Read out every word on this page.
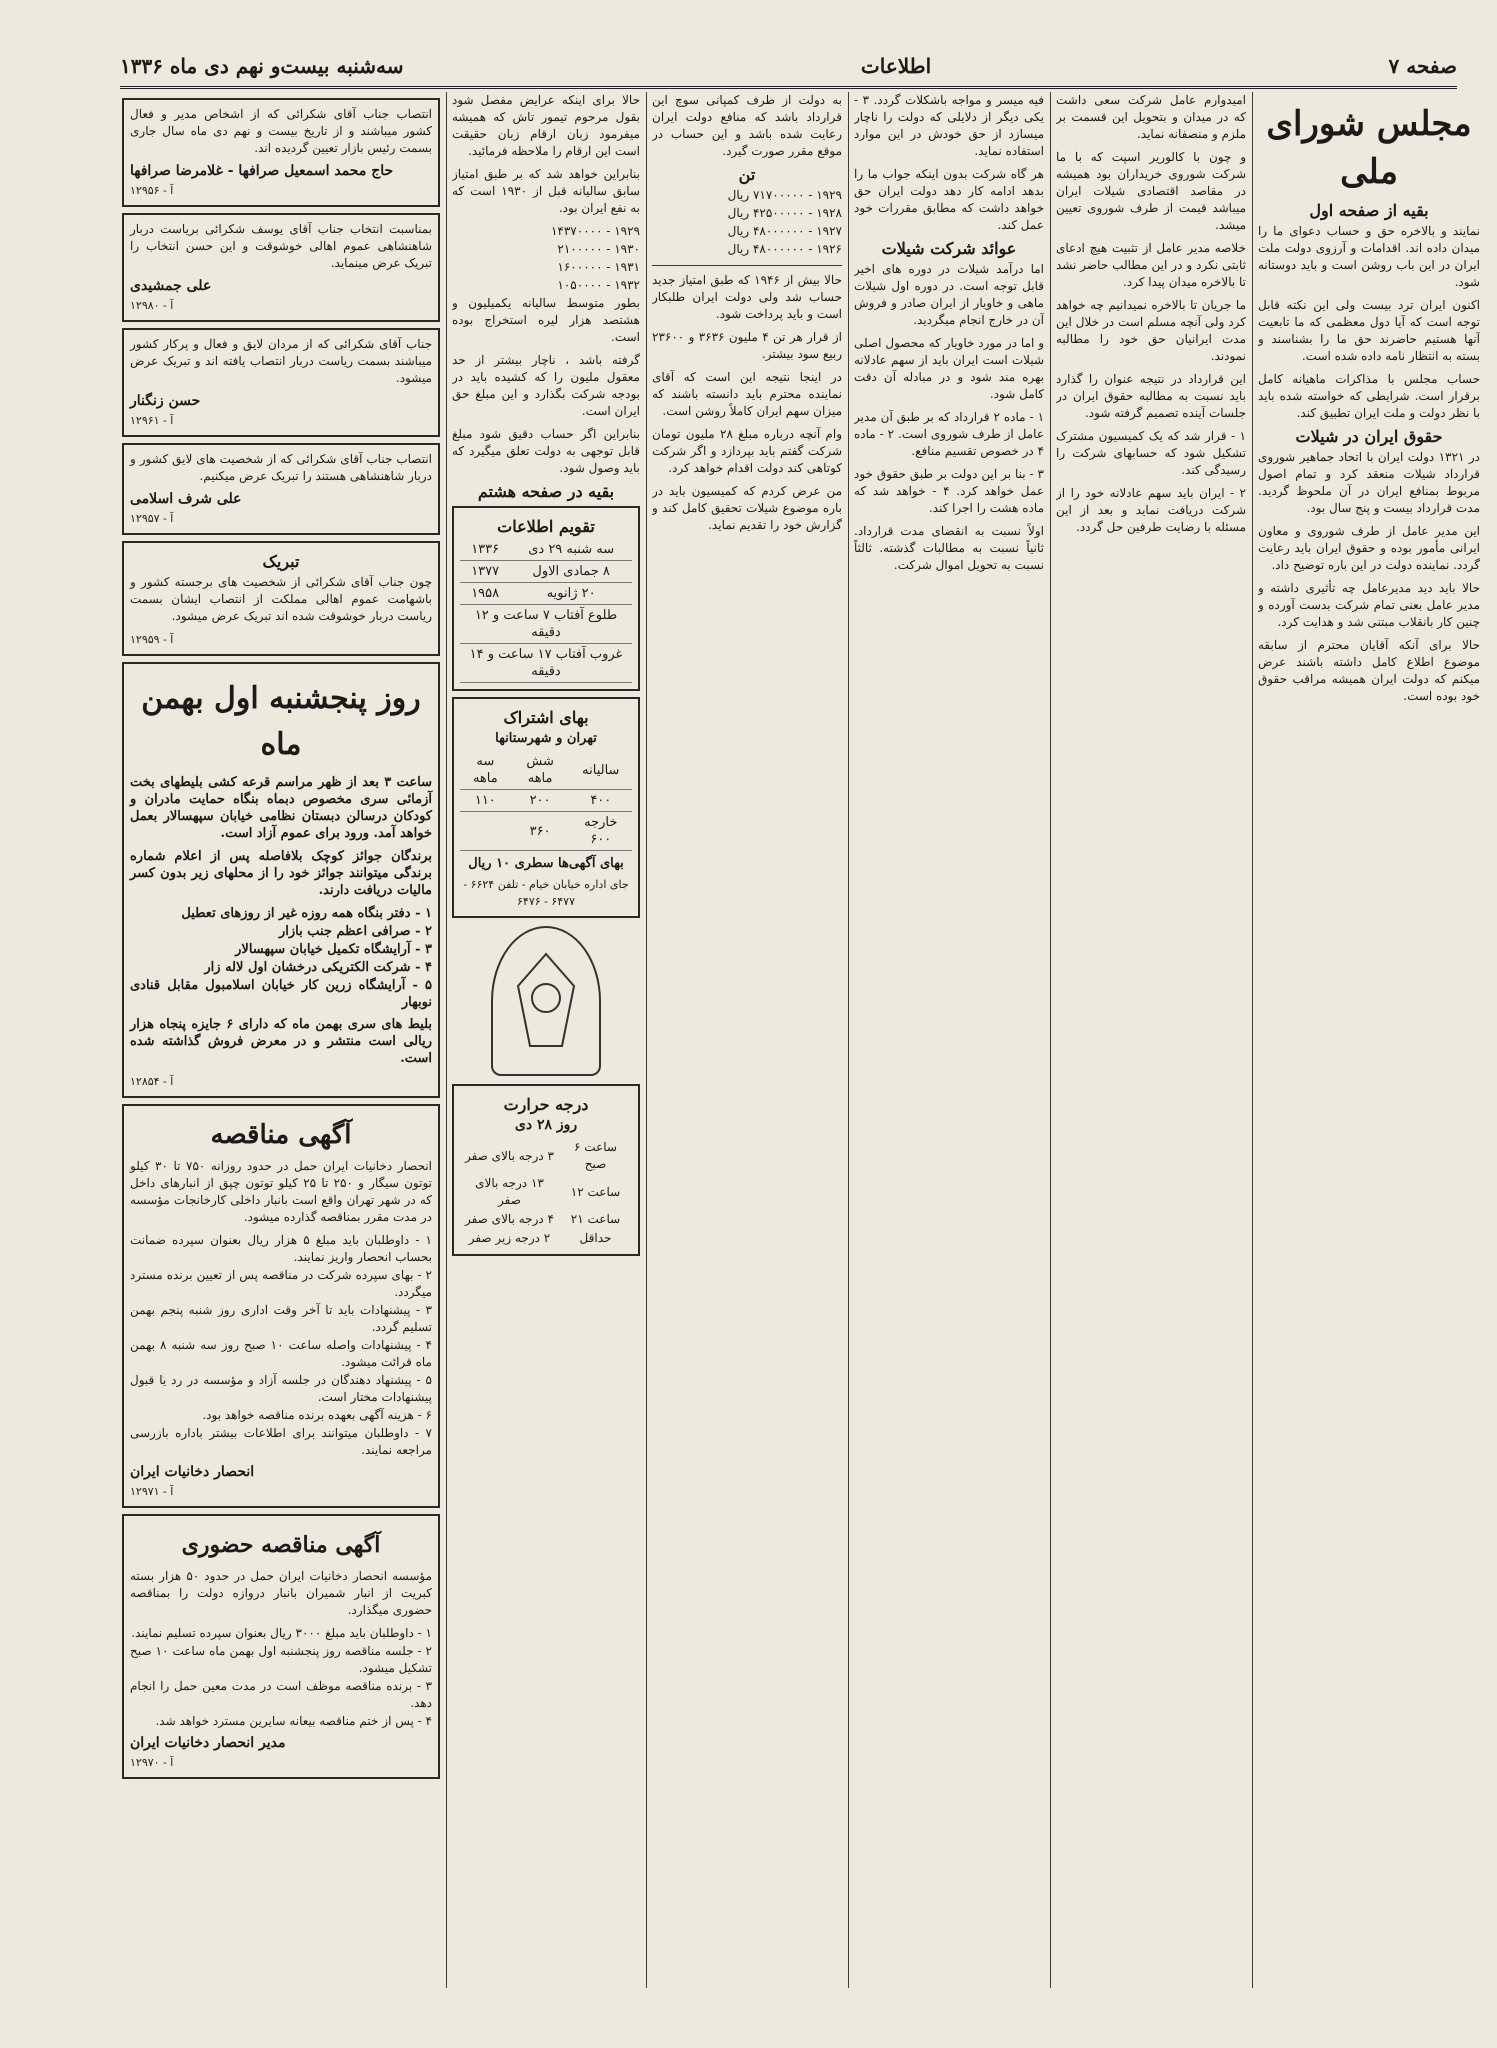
صفحه ۷
اطلاعات
سه‌شنبه بیست‌و نهم دی ماه ۱۳۳۶
مجلس شورای ملی
بقیه از صفحه اول

نمایند و بالاخره حق و حساب دعوای ما را میدان داده اند. اقدامات و آرزوی دولت ملت ایران در این باب روشن است و باید دوستانه شود.

اکنون ایران ترد بیست ولی این نکته قابل توجه است که آیا دول معظمی که ما تابعیت آنها هستیم حاضرند حق ما را بشناسند و بسته به انتظار نامه داده شده است.

حساب مجلس با مذاکرات ماهیانه کامل برقرار است. شرایطی که خواسته شده باید با نظر دولت و ملت ایران تطبیق کند.

حقوق ایران در شیلات

در ۱۳۲۱ دولت ایران با اتحاد جماهیر شوروی قرارداد شیلات منعقد کرد و تمام اصول مربوط بمنافع ایران در آن ملحوظ گردید. مدت قرارداد بیست و پنج سال بود.

این مدیر عامل از طرف شوروی و معاون ایرانی مأمور بوده و حقوق ایران باید رعایت گردد. نماینده دولت در این باره توضیح داد.

حالا باید دید مدیرعامل چه تأثیری داشته و مدیر عامل بعنی تمام شرکت بدست آورده و چنین کار بانقلاب مبتنی شد و هدایت کرد.

حالا برای آنکه آقایان محترم از سابقه موضوع اطلاع کامل داشته باشند عرض میکنم که دولت ایران همیشه مراقب حقوق خود بوده است.

امیدوارم عامل شرکت سعی داشت که در میدان و بتحویل این قسمت بر ملزم و منصفانه نماید.

و چون با کالوریر اسپت که با ما شرکت شوروی خریداران بود همیشه در مقاصد اقتصادی شیلات ایران میباشد قیمت از طرف شوروی تعیین میشد.

خلاصه مدیر عامل از تثبیت هیچ ادعای ثابتی نکرد و در این مطالب حاضر نشد تا بالاخره میدان پیدا کرد.

ما جریان تا بالاخره نمیدانیم چه خواهد کرد ولی آنچه مسلم است در خلال این مدت ایرانیان حق خود را مطالبه نمودند.

این قرارداد در نتیجه عنوان را گذارد باید نسبت به مطالبه حقوق ایران در جلسات آینده تصمیم گرفته شود.

۱ - قرار شد که یک کمیسیون مشترک تشکیل شود که حسابهای شرکت را رسیدگی کند.

۲ - ایران باید سهم عادلانه خود را از شرکت دریافت نماید و بعد از این مسئله با رضایت طرفین حل گردد.

فیه میسر و مواجه باشکلات گردد. ۳ - یکی دیگر از دلایلی که دولت را ناچار میسازد از حق خودش در این موارد استفاده نماید.

هر گاه شرکت بدون اینکه جواب ما را بدهد ادامه کار دهد دولت ایران حق خواهد داشت که مطابق مقررات خود عمل کند.

عوائد شرکت شیلات

اما درآمد شیلات در دوره های اخیر قابل توجه است. در دوره اول شیلات ماهی و خاویار از ایران صادر و فروش آن در خارج انجام میگردید.

و اما در مورد خاویار که محصول اصلی شیلات است ایران باید از سهم عادلانه بهره مند شود و در مبادله آن دقت کامل شود.

۱ - ماده ۲ قرارداد که بر طبق آن مدیر عامل از طرف شوروی است. ۲ - ماده ۴ در خصوص تقسیم منافع.

۳ - بنا بر این دولت بر طبق حقوق خود عمل خواهد کرد. ۴ - خواهد شد که ماده هشت را اجرا کند.

اولاً نسبت به انقضای مدت قرارداد. ثانیاً نسبت به مطالبات گذشته. ثالثاً نسبت به تحویل اموال شرکت.

به دولت از طرف کمپانی سوچ این قرارداد باشد که منافع دولت ایران رعایت شده باشد و این حساب در موقع مقرر صورت گیرد.

تن
۱۹۲۹ - ۷۱۷۰۰۰۰۰ ریال
۱۹۲۸ - ۴۲۵۰۰۰۰۰ ریال
۱۹۲۷ - ۴۸۰۰۰۰۰۰ ریال
۱۹۲۶ - ۴۸۰۰۰۰۰۰ ریال

حالا بیش از ۱۹۴۶ که طبق امتیاز جدید حساب شد ولی دولت ایران طلبکار است و باید پرداخت شود.

از قرار هر تن ۴ ملیون ۳۶۳۶ و ۲۳۶۰۰ ربیع سود بیشتر.

در اینجا نتیجه این است که آقای نماینده محترم باید دانسته باشند که میزان سهم ایران کاملاً روشن است.

وام آنچه درباره مبلغ ۲۸ ملیون تومان شرکت گفتم باید بپردازد و اگر شرکت کوتاهی کند دولت اقدام خواهد کرد.

من عرض کردم که کمیسیون باید در باره موضوع شیلات تحقیق کامل کند و گزارش خود را تقدیم نماید.

حالا برای اینکه عرایض مفصل شود بقول مرحوم تیمور تاش که همیشه میفرمود زبان ارقام زبان حقیقت است این ارقام را ملاحظه فرمائید.

بنابراین خواهد شد که بر طبق امتیاز سابق سالیانه قبل از ۱۹۳۰ است که به نفع ایران بود.

۱۹۲۹ - ۱۴۳۷۰۰۰۰
۱۹۳۰ - ۲۱۰۰۰۰۰
۱۹۳۱ - ۱۶۰۰۰۰۰
۱۹۳۲ - ۱۰۵۰۰۰۰

بطور متوسط سالیانه یکمیلیون و هشتصد هزار لیره استخراج بوده است.

گرفته باشد ، ناچار بیشتر از حد معقول ملیون را که کشیده باید در بودجه شرکت بگذارد و این مبلغ حق ایران است.

بنابراین اگر حساب دقیق شود مبلغ قابل توجهی به دولت تعلق میگیرد که باید وصول شود.

بقیه در صفحه هشتم
تقویم اطلاعات
سه شنبه ۲۹ دی	۱۳۳۶
۸ جمادی الاول	۱۳۷۷
۲۰ ژانویه	۱۹۵۸
طلوع آفتاب ۷ ساعت و ۱۲ دقیقه	
غروب آفتاب ۱۷ ساعت و ۱۴ دقیقه	
بهای اشتراک
تهران و شهرستانها
سالیانه	شش ماهه	سه ماهه
۴۰۰	۲۰۰	۱۱۰
خارجه ۶۰۰	۳۶۰	
بهای آگهی‌ها سطری ۱۰ ریال
جای اداره خیابان خیام - تلفن ۶۶۲۴ - ۶۴۷۷ - ۶۴۷۶
درجه حرارت
روز ۲۸ دی
ساعت ۶ صبح	۳ درجه بالای صفر
ساعت ۱۲	۱۳ درجه بالای صفر
ساعت ۲۱	۴ درجه بالای صفر
حداقل	۲ درجه زیر صفر

انتصاب جناب آقای شکرائی که از اشخاص مدیر و فعال کشور میباشند و از تاریخ بیست و نهم دی ماه سال جاری بسمت رئیس بازار تعیین گردیده اند.

حاج محمد اسمعیل صرافها - غلامرضا صرافها
آ - ۱۲۹۵۶

بمناسبت انتخاب جناب آقای یوسف شکرائی بریاست دربار شاهنشاهی عموم اهالی خوشوقت و این حسن انتخاب را تبریک عرض مینماید.

علی جمشیدی
آ - ۱۲۹۸۰

جناب آقای شکرائی که از مردان لایق و فعال و پرکار کشور میباشند بسمت ریاست دربار انتصاب یافته اند و تبریک عرض میشود.

حسن زنگنار
آ - ۱۲۹۶۱

انتصاب جناب آقای شکرائی که از شخصیت های لایق کشور و دربار شاهنشاهی هستند را تبریک عرض میکنیم.

علی شرف اسلامی
آ - ۱۲۹۵۷
تبریک

چون جناب آقای شکرائی از شخصیت های برجسته کشور و باشهامت عموم اهالی مملکت از انتصاب ایشان بسمت ریاست دربار خوشوقت شده اند تبریک عرض میشود.

آ - ۱۲۹۵۹
روز پنجشنبه اول بهمن ماه

ساعت ۳ بعد از ظهر مراسم قرعه کشی بلیطهای بخت آزمائی سری مخصوص دبماه بنگاه حمایت مادران و کودکان درسالن دبستان نظامی خیابان سپهسالار بعمل خواهد آمد. ورود برای عموم آزاد است.

برندگان جوائز کوچک بلافاصله پس از اعلام شماره برندگی میتوانند جوائز خود را از محلهای زیر بدون کسر مالیات دریافت دارند.

۱ - دفتر بنگاه همه روزه غیر از روزهای تعطیل
۲ - صرافی اعظم جنب بازار
۳ - آرایشگاه تکمیل خیابان سپهسالار
۴ - شرکت الکتریکی درخشان اول لاله زار
۵ - آرایشگاه زرین کار خیابان اسلامبول مقابل قنادی نوبهار

بلیط های سری بهمن ماه که دارای ۶ جایزه پنجاه هزار ریالی است منتشر و در معرض فروش گذاشته شده است.

آ - ۱۲۸۵۴
آگهی مناقصه

انحصار دخانیات ایران حمل در حدود روزانه ۷۵۰ تا ۳۰ کیلو توتون سیگار و ۲۵۰ تا ۲۵ کیلو توتون چپق از انبارهای داخل که در شهر تهران واقع است بانبار داخلی کارخانجات مؤسسه در مدت مقرر بمناقصه گذارده میشود.

۱ - داوطلبان باید مبلغ ۵ هزار ریال بعنوان سپرده ضمانت بحساب انحصار واریز نمایند.
۲ - بهای سپرده شرکت در مناقصه پس از تعیین برنده مسترد میگردد.
۳ - پیشنهادات باید تا آخر وقت اداری روز شنبه پنجم بهمن تسلیم گردد.
۴ - پیشنهادات واصله ساعت ۱۰ صبح روز سه شنبه ۸ بهمن ماه قرائت میشود.
۵ - پیشنهاد دهندگان در جلسه آزاد و مؤسسه در رد یا قبول پیشنهادات مختار است.
۶ - هزینه آگهی بعهده برنده مناقصه خواهد بود.
۷ - داوطلبان میتوانند برای اطلاعات بیشتر باداره بازرسی مراجعه نمایند.
انحصار دخانیات ایران
آ - ۱۲۹۷۱
آگهی مناقصه حضوری

مؤسسه انحصار دخانیات ایران حمل در حدود ۵۰ هزار بسته کبریت از انبار شمیران بانبار دروازه دولت را بمناقصه حضوری میگذارد.

۱ - داوطلبان باید مبلغ ۳۰۰۰ ریال بعنوان سپرده تسلیم نمایند.
۲ - جلسه مناقصه روز پنجشنبه اول بهمن ماه ساعت ۱۰ صبح تشکیل میشود.
۳ - برنده مناقصه موظف است در مدت معین حمل را انجام دهد.
۴ - پس از ختم مناقصه بیعانه سایرین مسترد خواهد شد.
مدیر انحصار دخانیات ایران
آ - ۱۲۹۷۰
